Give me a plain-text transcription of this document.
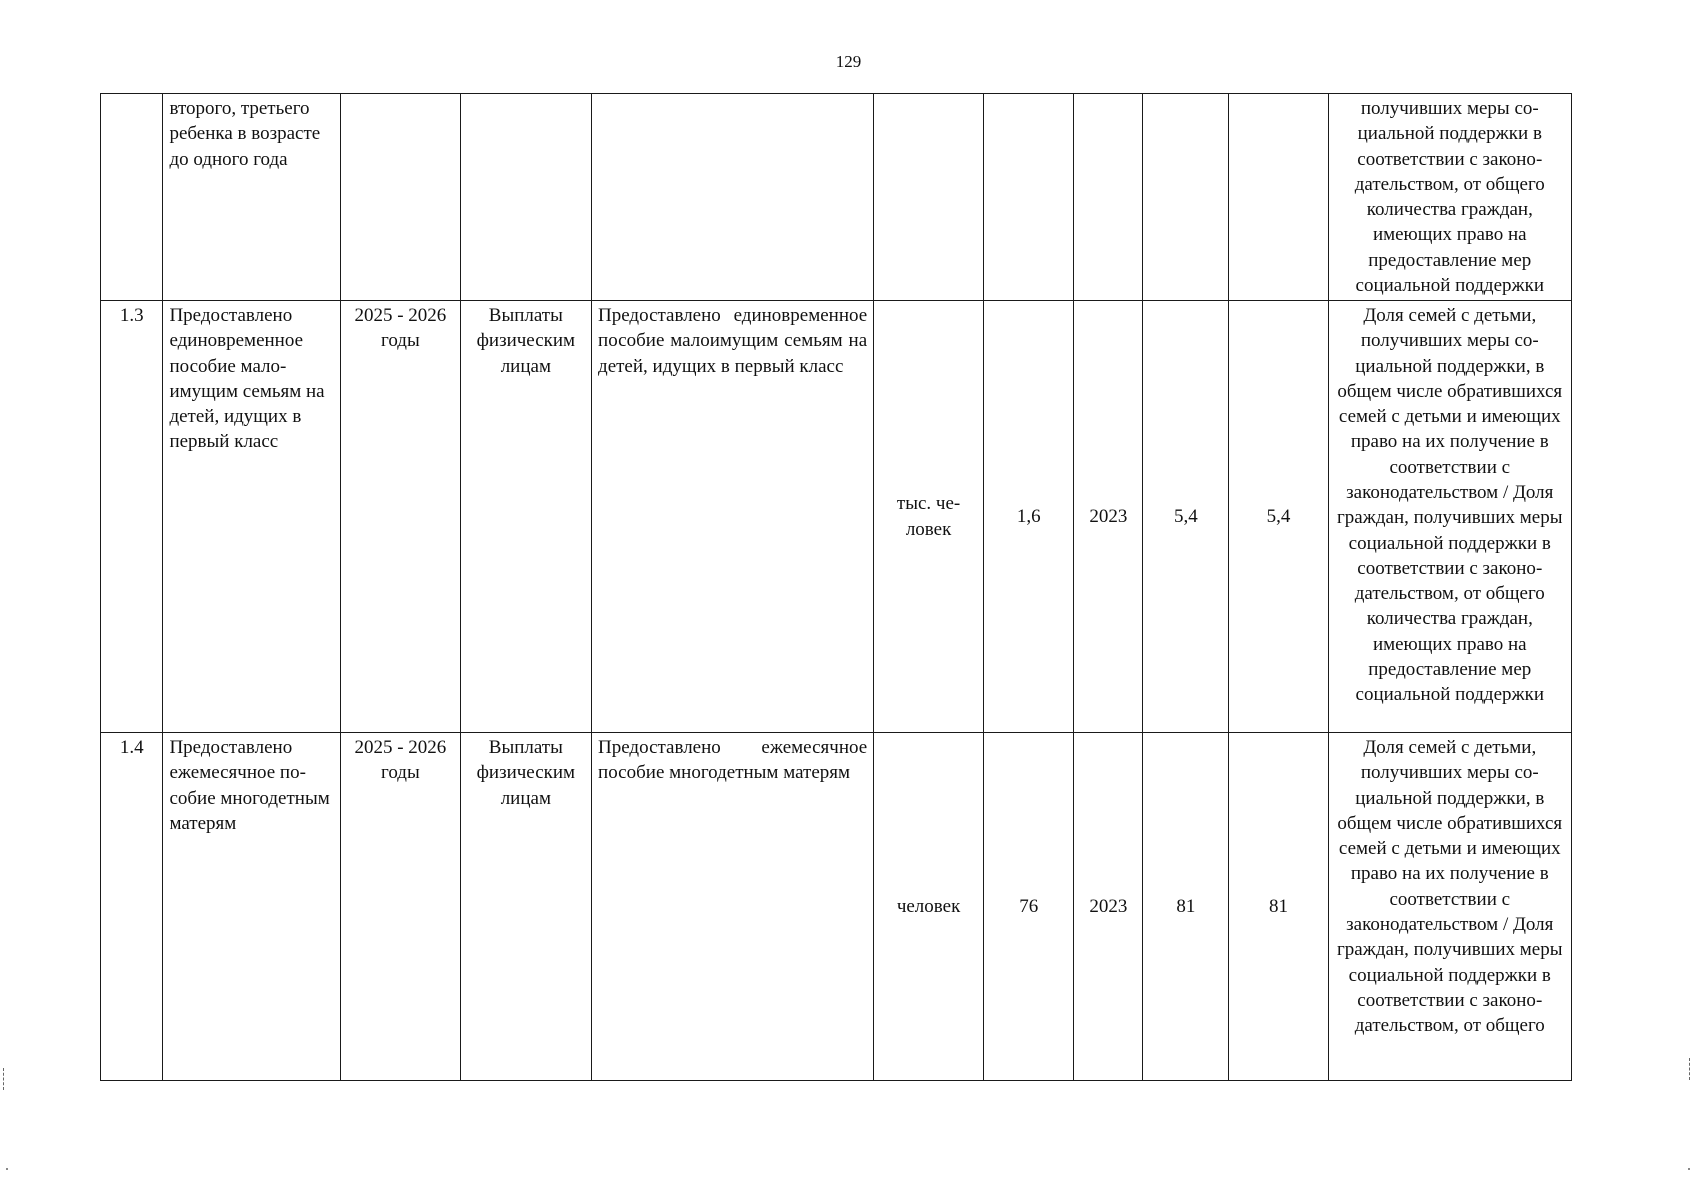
129
	второго, третьего ребенка в возрасте до одного года									получивших меры социальной поддержки в соответствии с законодательством, от общего количества граждан, имеющих право на предоставление мер социальной поддержки
1.3	Предоставлено единовременное пособие малоимущим семьям на детей, идущих в первый класс	2025 - 2026 годы	Выплаты физическим лицам	Предоставлено единовременное пособие малоимущим семьям на детей, идущих в первый класс	тыс. человек	1,6	2023	5,4	5,4	Доля семей с детьми, получивших меры социальной поддержки, в общем числе обратившихся семей с детьми и имеющих право на их получение в соответствии с законодательством / Доля граждан, получивших меры социальной поддержки в соответствии с законодательством, от общего количества граждан, имеющих право на предоставление мер социальной поддержки
1.4	Предоставлено ежемесячное пособие многодетным матерям	2025 - 2026 годы	Выплаты физическим лицам	Предоставлено ежемесячное пособие многодетным матерям	человек	76	2023	81	81	Доля семей с детьми, получивших меры социальной поддержки, в общем числе обратившихся семей с детьми и имеющих право на их получение в соответствии с законодательством / Доля граждан, получивших меры социальной поддержки в соответствии с законодательством, от общего
